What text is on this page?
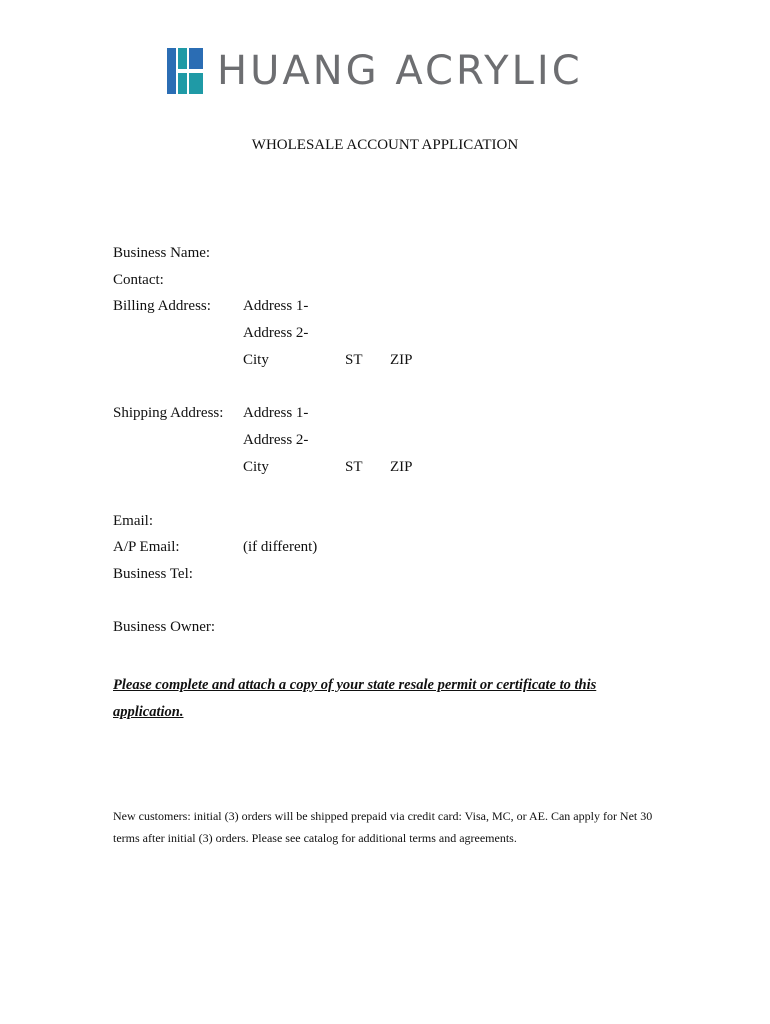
HUANG ACRYLIC
WHOLESALE ACCOUNT APPLICATION
Business Name:
Contact:
Billing Address: Address 1-
Address 2-
City	ST ZIP
Shipping Address: Address 1-
Address 2-
City	ST ZIP
Email:
A/P Email:	(if different)
Business Tel:
Business Owner:
Please complete and attach a copy of your state resale permit or certificate to this application.
New customers: initial (3) orders will be shipped prepaid via credit card: Visa, MC, or AE. Can apply for Net 30 terms after initial (3) orders. Please see catalog for additional terms and agreements.
